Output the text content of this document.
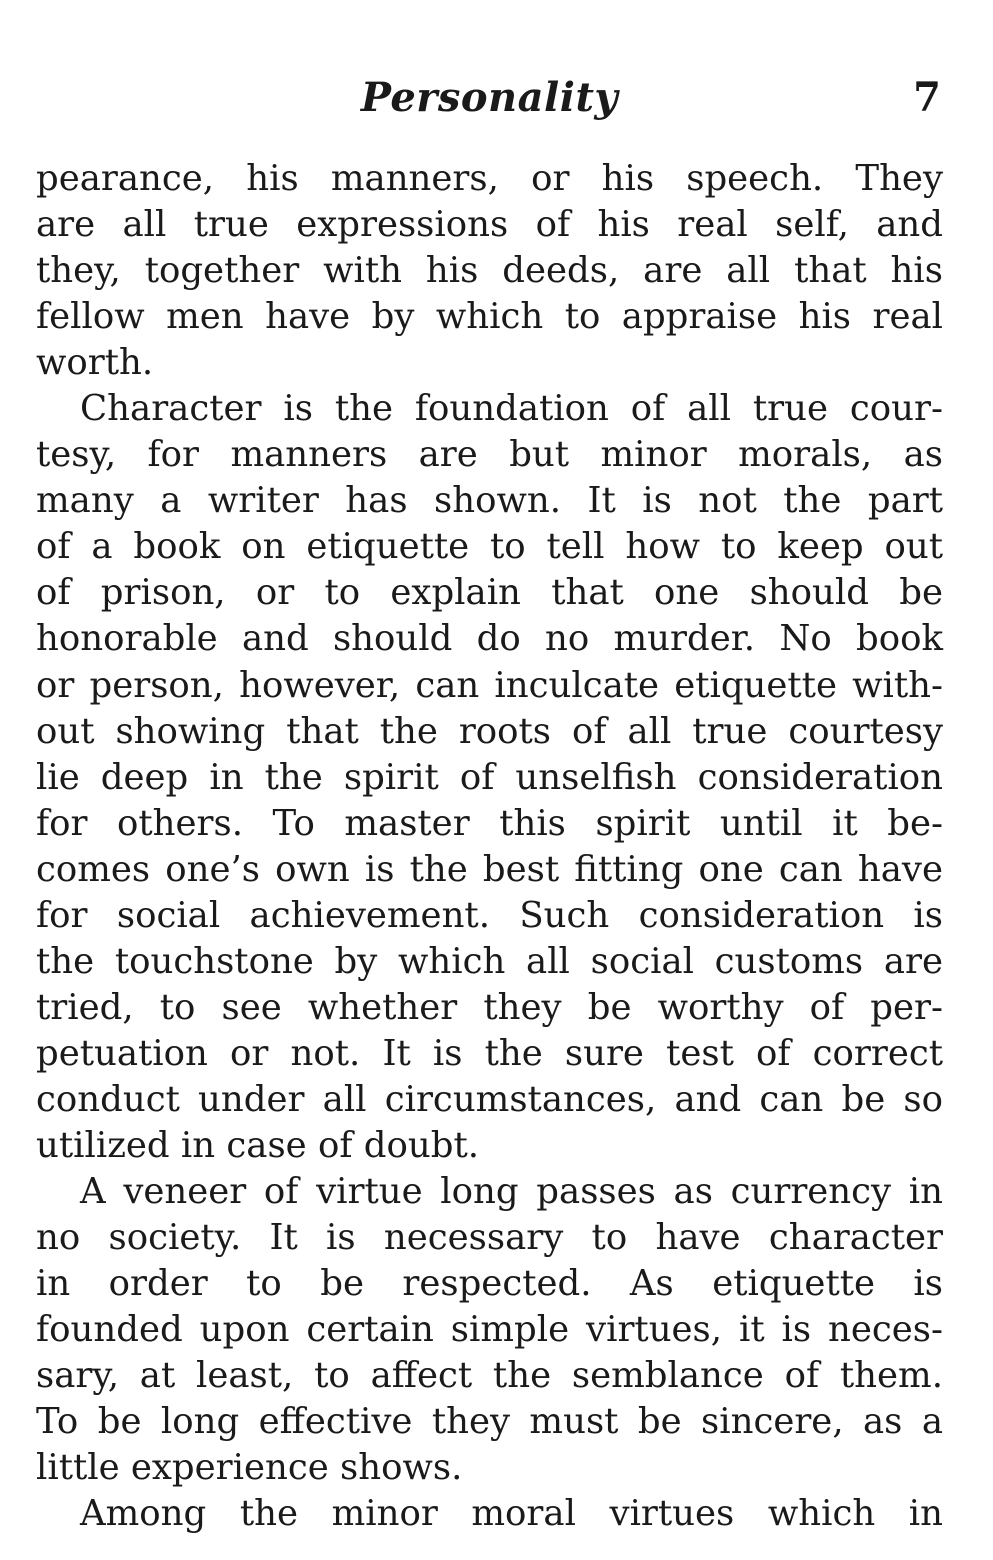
Personality	7
pearance, his manners, or his speech. They
are all true expressions of his real self, and
they, together with his deeds, are all that his
fellow men have by which to appraise his real
worth.
Character is the foundation of all true cour-
tesy, for manners are but minor morals, as
many a writer has shown. It is not the part
of a book on etiquette to tell how to keep out
of prison, or to explain that one should be
honorable and should do no murder. No book
or person, however, can inculcate etiquette with-
out showing that the roots of all true courtesy
lie deep in the spirit of unselfish consideration
for others. To master this spirit until it be-
comes one’s own is the best fitting one can have
for social achievement. Such consideration is
the touchstone by which all social customs are
tried, to see whether they be worthy of per-
petuation or not. It is the sure test of correct
conduct under all circumstances, and can be so
utilized in case of doubt.
A veneer of virtue long passes as currency in
no society. It is necessary to have character
in order to be respected. As etiquette is
founded upon certain simple virtues, it is neces-
sary, at least, to affect the semblance of them.
To be long effective they must be sincere, as a
little experience shows.
Among the minor moral virtues which in
